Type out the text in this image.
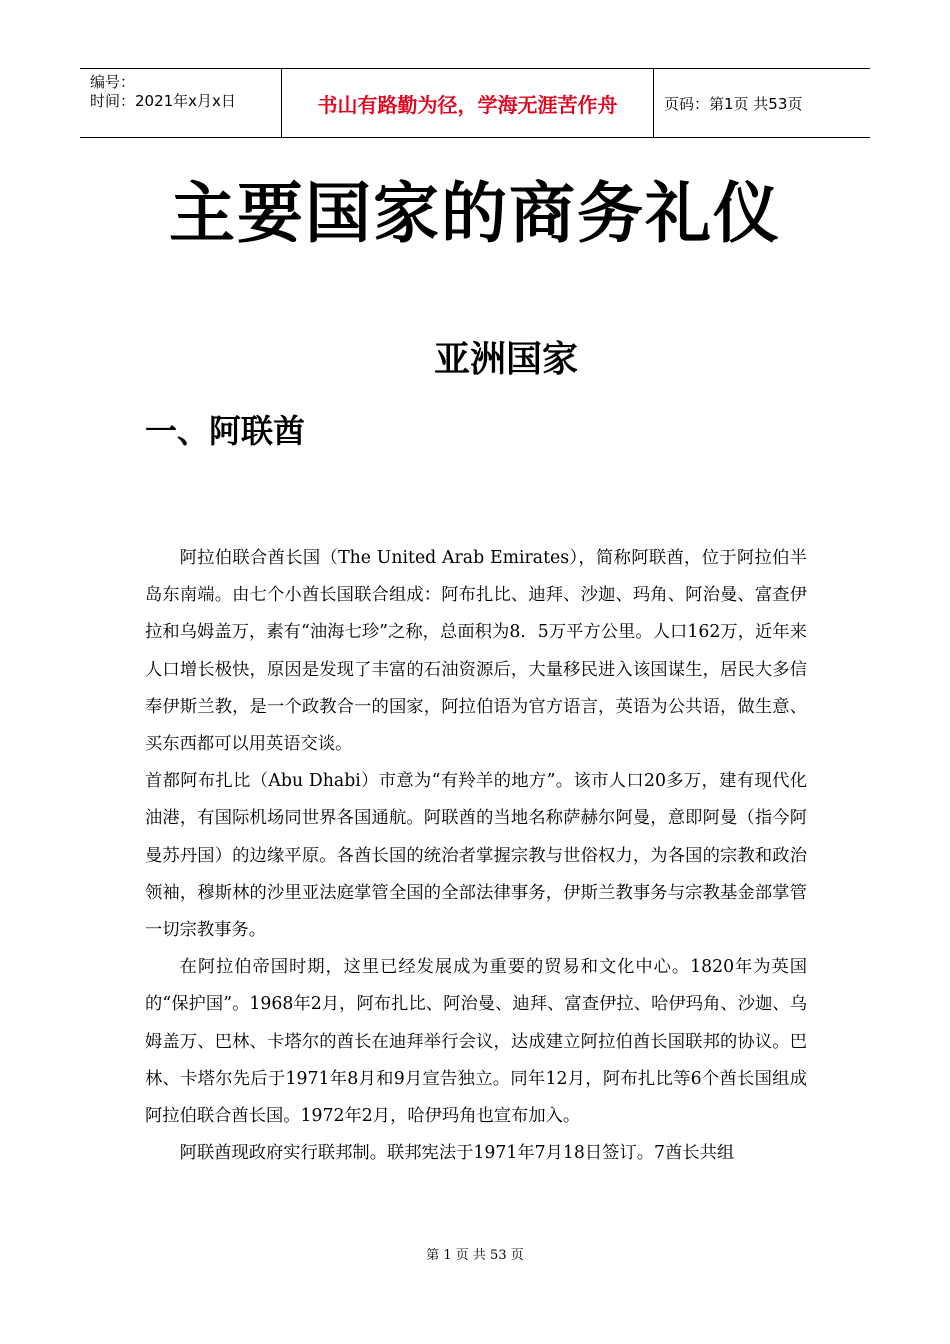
编号：
时间：2021年x月x日	书山有路勤为径，学海无涯苦作舟	页码：第1页 共53页
主要国家的商务礼仪
亚洲国家
一、阿联酋

阿拉伯联合酋长国（The United Arab Emirates），简称阿联酋，位于阿拉伯半岛东南端。由七个小酋长国联合组成：阿布扎比、迪拜、沙迦、玛角、阿治曼、富查伊拉和乌姆盖万，素有“油海七珍”之称，总面积为8．5万平方公里。人口162万，近年来人口增长极快，原因是发现了丰富的石油资源后，大量移民进入该国谋生，居民大多信奉伊斯兰教，是一个政教合一的国家，阿拉伯语为官方语言，英语为公共语，做生意、买东西都可以用英语交谈。

首都阿布扎比（Abu Dhabi）市意为“有羚羊的地方”。该市人口20多万，建有现代化油港，有国际机场同世界各国通航。阿联酋的当地名称萨赫尔阿曼，意即阿曼（指今阿曼苏丹国）的边缘平原。各酋长国的统治者掌握宗教与世俗权力，为各国的宗教和政治领袖，穆斯林的沙里亚法庭掌管全国的全部法律事务，伊斯兰教事务与宗教基金部掌管一切宗教事务。

在阿拉伯帝国时期，这里已经发展成为重要的贸易和文化中心。1820年为英国的“保护国”。1968年2月，阿布扎比、阿治曼、迪拜、富查伊拉、哈伊玛角、沙迦、乌姆盖万、巴林、卡塔尔的酋长在迪拜举行会议，达成建立阿拉伯酋长国联邦的协议。巴林、卡塔尔先后于1971年8月和9月宣告独立。同年12月，阿布扎比等6个酋长国组成阿拉伯联合酋长国。1972年2月，哈伊玛角也宣布加入。

阿联酋现政府实行联邦制。联邦宪法于1971年7月18日签订。7酋长共组

第 1 页 共 53 页
